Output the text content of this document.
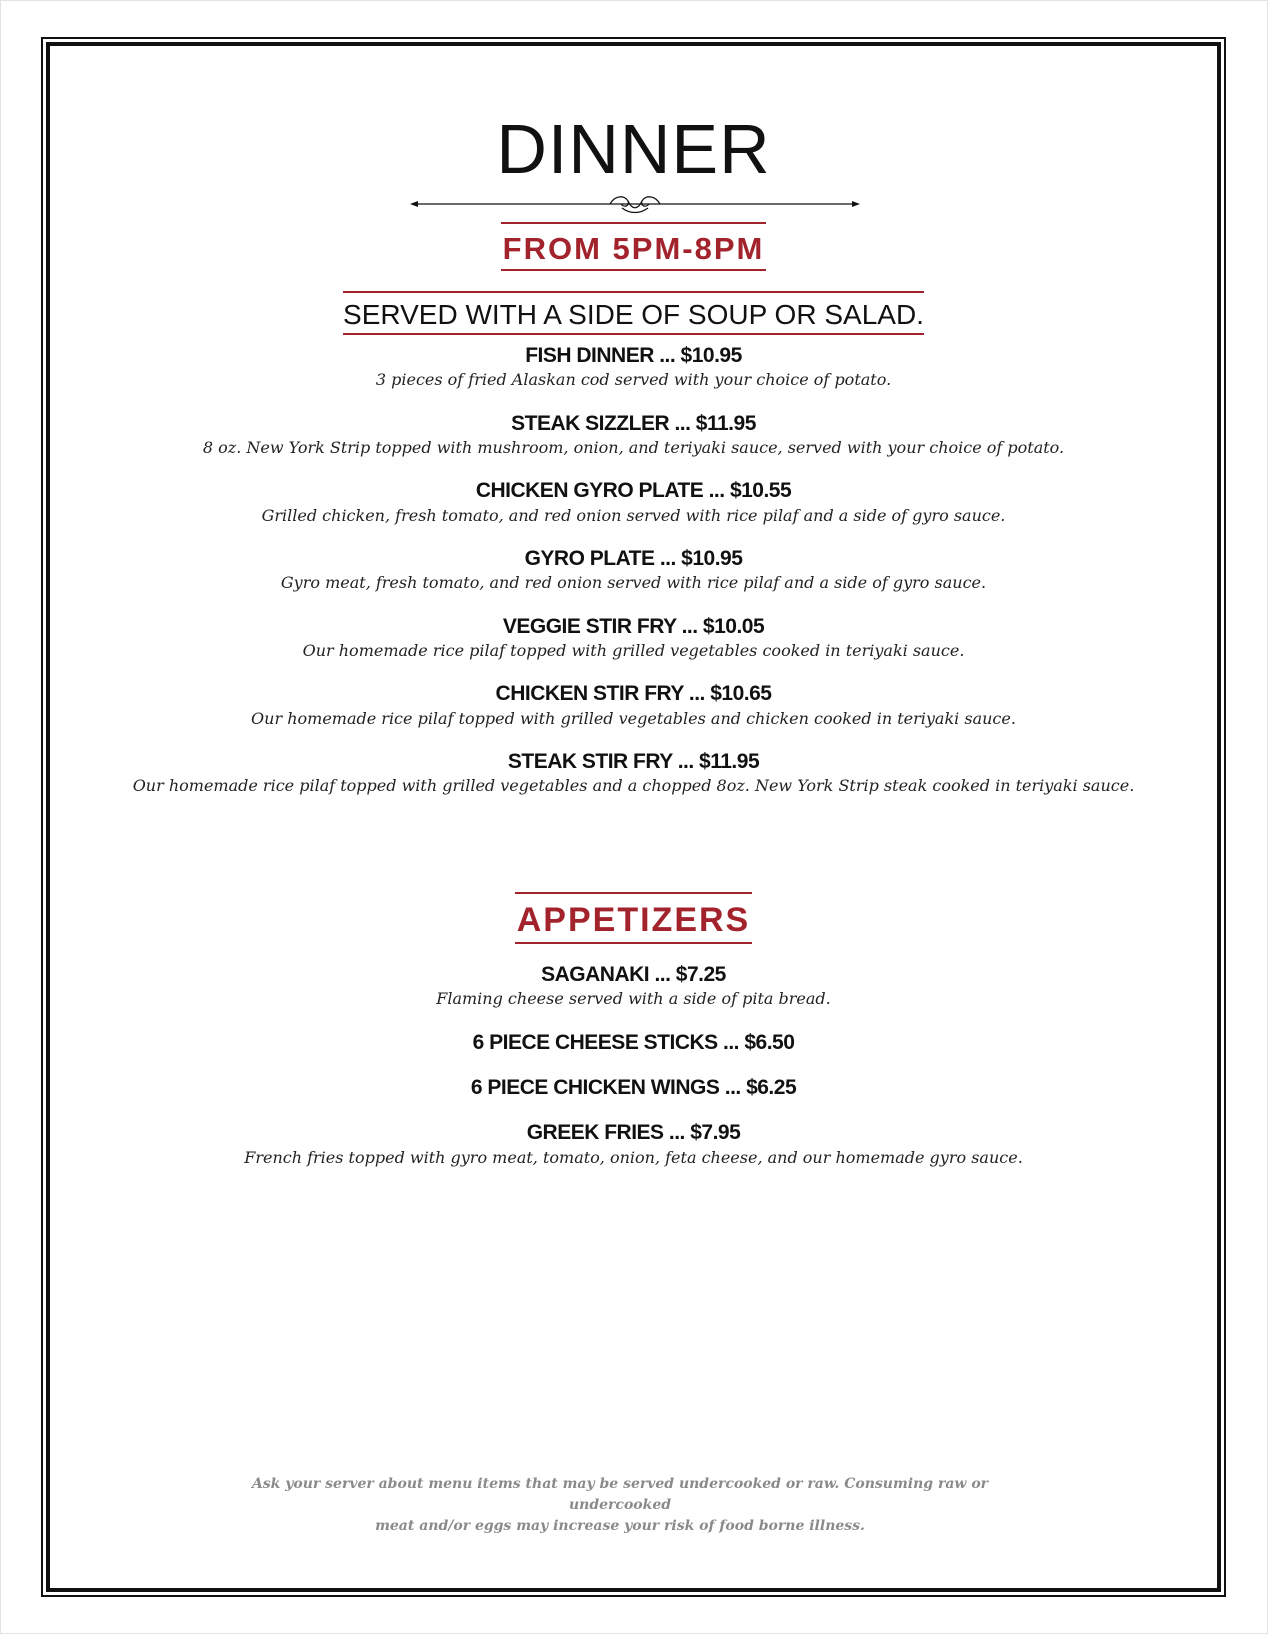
DINNER
FROM 5PM-8PM
SERVED WITH A SIDE OF SOUP OR SALAD.
FISH DINNER ... $10.95
3 pieces of fried Alaskan cod served with your choice of potato.
STEAK SIZZLER ... $11.95
8 oz. New York Strip topped with mushroom, onion, and teriyaki sauce, served with your choice of potato.
CHICKEN GYRO PLATE ... $10.55
Grilled chicken, fresh tomato, and red onion served with rice pilaf and a side of gyro sauce.
GYRO PLATE ... $10.95
Gyro meat, fresh tomato, and red onion served with rice pilaf and a side of gyro sauce.
VEGGIE STIR FRY ... $10.05
Our homemade rice pilaf topped with grilled vegetables cooked in teriyaki sauce.
CHICKEN STIR FRY ... $10.65
Our homemade rice pilaf topped with grilled vegetables and chicken cooked in teriyaki sauce.
STEAK STIR FRY ... $11.95
Our homemade rice pilaf topped with grilled vegetables and a chopped 8oz. New York Strip steak cooked in teriyaki sauce.
APPETIZERS
SAGANAKI ... $7.25
Flaming cheese served with a side of pita bread.
6 PIECE CHEESE STICKS ... $6.50
6 PIECE CHICKEN WINGS ... $6.25
GREEK FRIES ... $7.95
French fries topped with gyro meat, tomato, onion, feta cheese, and our homemade gyro sauce.
Ask your server about menu items that may be served undercooked or raw. Consuming raw or undercooked
meat and/or eggs may increase your risk of food borne illness.
